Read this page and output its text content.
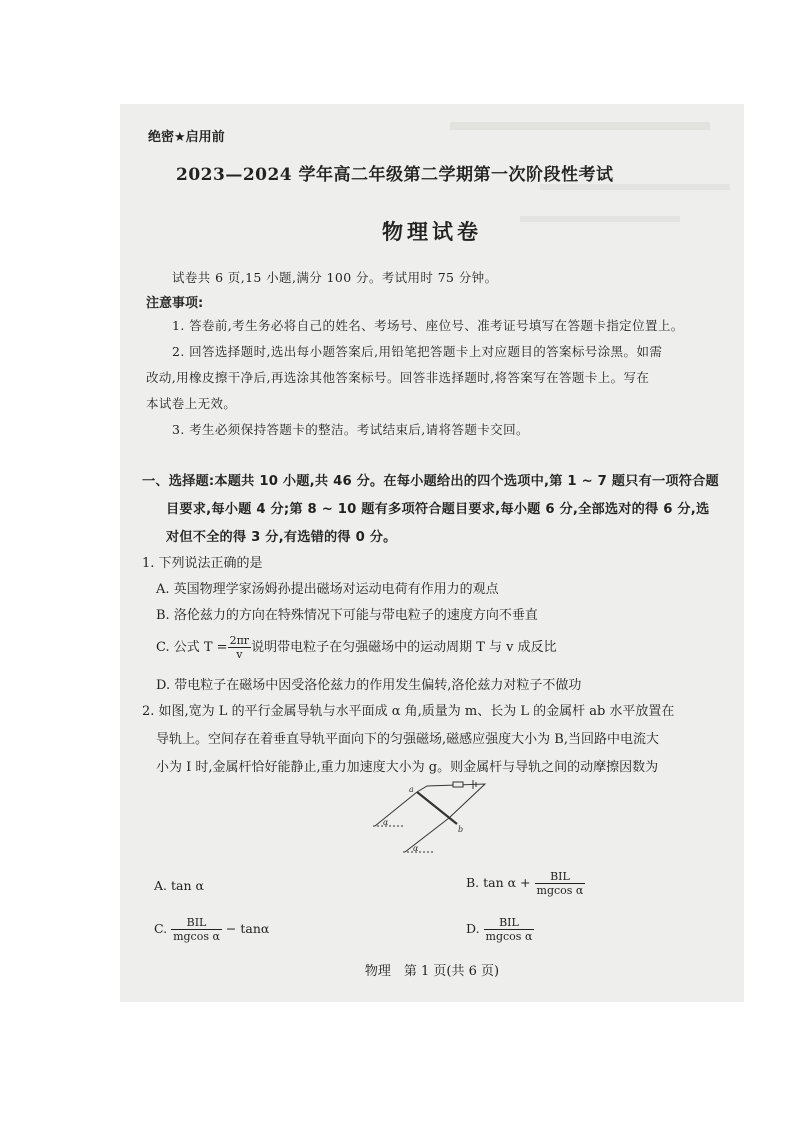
绝密★启用前
2023—2024 学年高二年级第二学期第一次阶段性考试
物理试卷
试卷共 6 页,15 小题,满分 100 分。考试用时 75 分钟。
注意事项:
1. 答卷前,考生务必将自己的姓名、考场号、座位号、准考证号填写在答题卡指定位置上。
2. 回答选择题时,选出每小题答案后,用铅笔把答题卡上对应题目的答案标号涂黑。如需
改动,用橡皮擦干净后,再选涂其他答案标号。回答非选择题时,将答案写在答题卡上。写在
本试卷上无效。
3. 考生必须保持答题卡的整洁。考试结束后,请将答题卡交回。
一、选择题:本题共 10 小题,共 46 分。在每小题给出的四个选项中,第 1 ~ 7 题只有一项符合题
目要求,每小题 4 分;第 8 ~ 10 题有多项符合题目要求,每小题 6 分,全部选对的得 6 分,选
对但不全的得 3 分,有选错的得 0 分。
1. 下列说法正确的是
A. 英国物理学家汤姆孙提出磁场对运动电荷有作用力的观点
B. 洛伦兹力的方向在特殊情况下可能与带电粒子的速度方向不垂直
C. 公式 $T = \frac{2\pi r}{v}$ 说明带电粒子在匀强磁场中的运动周期 T 与 v 成反比
D. 带电粒子在磁场中因受洛伦兹力的作用发生偏转,洛伦兹力对粒子不做功
2. 如图,宽为 L 的平行金属导轨与水平面成 α 角,质量为 m、长为 L 的金属杆 ab 水平放置在
导轨上。空间存在着垂直导轨平面向下的匀强磁场,磁感应强度大小为 B,当回路中电流大
小为 I 时,金属杆恰好能静止,重力加速度大小为 g。则金属杆与导轨之间的动摩擦因数为
a
b
α
α
A. tan α	B. $\tan \alpha + \frac{\text{BIL}}{\text{mgcos α}}$
C. $\frac{\text{BIL}}{\text{mgcos α}} - \tan\alpha$	D. $\frac{\text{BIL}}{\text{mgcos α}}$
物理　第 1 页(共 6 页)
